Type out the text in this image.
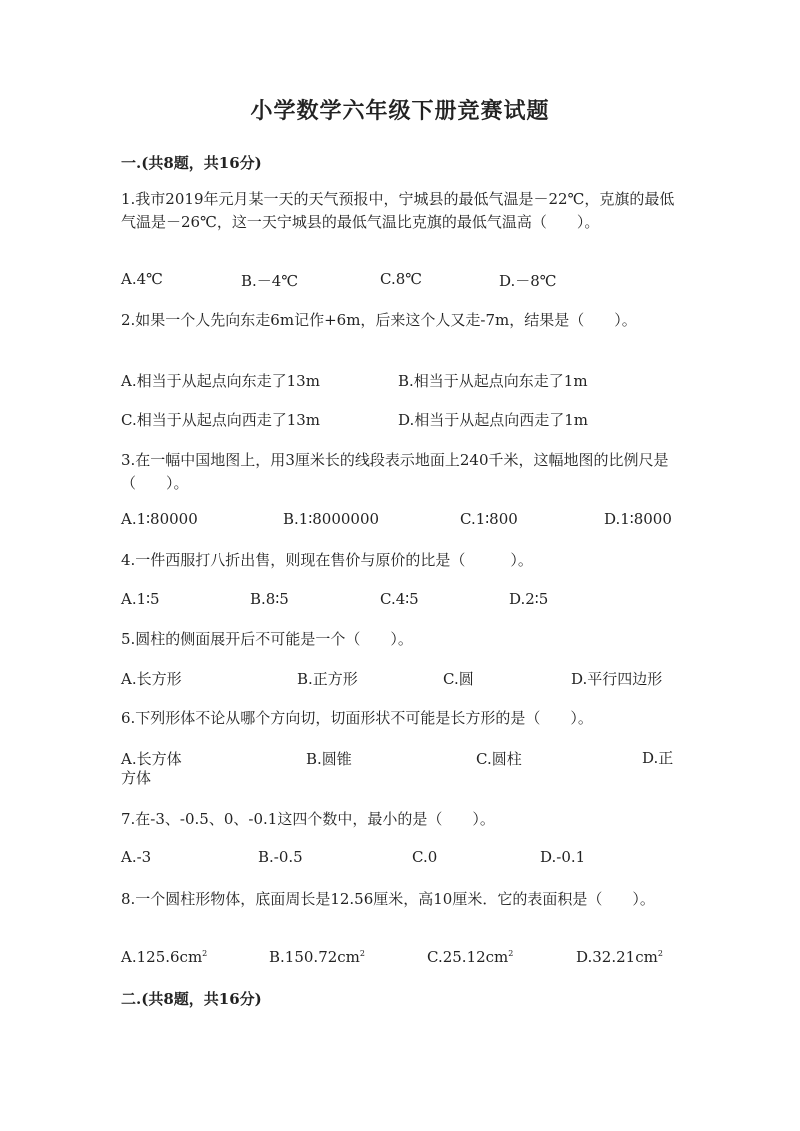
小学数学六年级下册竞赛试题
一.(共8题，共16分)
1.我市2019年元月某一天的天气预报中，宁城县的最低气温是－22℃，克旗的最低气温是－26℃，这一天宁城县的最低气温比克旗的最低气温高（　　）。
A.4℃	B.－4℃	C.8℃	D.－8℃
2.如果一个人先向东走6m记作+6m，后来这个人又走-7m，结果是（　　）。
A.相当于从起点向东走了13m	B.相当于从起点向东走了1m
C.相当于从起点向西走了13m	D.相当于从起点向西走了1m
3.在一幅中国地图上，用3厘米长的线段表示地面上240千米，这幅地图的比例尺是（　　）。
A.1∶80000	B.1∶8000000	C.1∶800	D.1∶8000
4.一件西服打八折出售，则现在售价与原价的比是（　　　）。
A.1∶5	B.8∶5	C.4∶5	D.2∶5
5.圆柱的侧面展开后不可能是一个（　　）。
A.长方形	B.正方形	C.圆	D.平行四边形
6.下列形体不论从哪个方向切，切面形状不可能是长方形的是（　　）。
A.长方体	B.圆锥	C.圆柱	D.正方体
7.在-3、-0.5、0、-0.1这四个数中，最小的是（　　）。
A.-3	B.-0.5	C.0	D.-0.1
8.一个圆柱形物体，底面周长是12.56厘米，高10厘米．它的表面积是（　　）。
$A.125.6cm^2$	$B.150.72cm^2$	$C.25.12cm^2$	$D.32.21cm^2$
二.(共8题，共16分)
